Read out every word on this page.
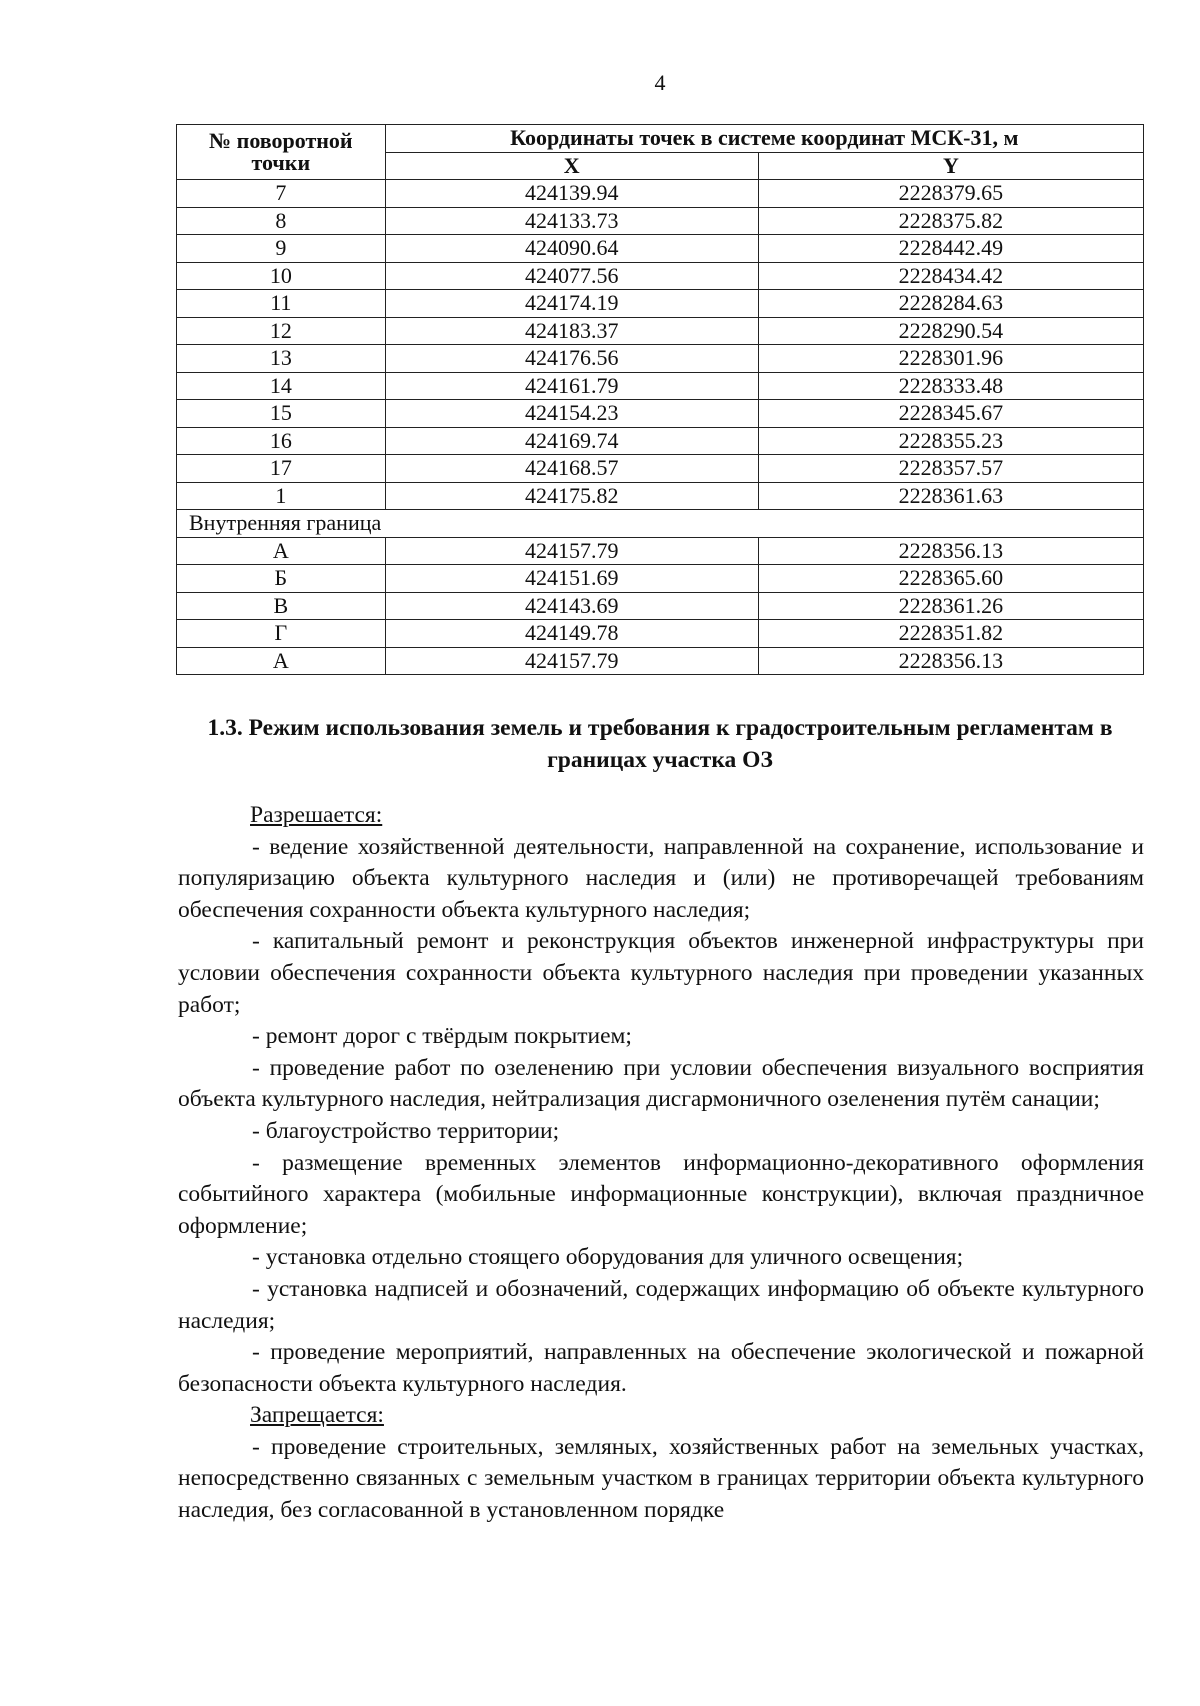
4
№ поворотной точки	Координаты точек в системе координат МСК-31, м	
	X	Y
7	424139.94	2228379.65
8	424133.73	2228375.82
9	424090.64	2228442.49
10	424077.56	2228434.42
11	424174.19	2228284.63
12	424183.37	2228290.54
13	424176.56	2228301.96
14	424161.79	2228333.48
15	424154.23	2228345.67
16	424169.74	2228355.23
17	424168.57	2228357.57
1	424175.82	2228361.63
Внутренняя граница		
А	424157.79	2228356.13
Б	424151.69	2228365.60
В	424143.69	2228361.26
Г	424149.78	2228351.82
А	424157.79	2228356.13
1.3. Режим использования земель и требования к градостроительным регламентам в границах участка ОЗ

Разрешается:

- ведение хозяйственной деятельности, направленной на сохранение, использование и популяризацию объекта культурного наследия и (или) не противоречащей требованиям обеспечения сохранности объекта культурного наследия;

- капитальный ремонт и реконструкция объектов инженерной инфраструктуры при условии обеспечения сохранности объекта культурного наследия при проведении указанных работ;

- ремонт дорог с твёрдым покрытием;

- проведение работ по озеленению при условии обеспечения визуального восприятия объекта культурного наследия, нейтрализация дисгармоничного озеленения путём санации;

- благоустройство территории;

- размещение временных элементов информационно-декоративного оформления событийного характера (мобильные информационные конструкции), включая праздничное оформление;

- установка отдельно стоящего оборудования для уличного освещения;

- установка надписей и обозначений, содержащих информацию об объекте культурного наследия;

- проведение мероприятий, направленных на обеспечение экологической и пожарной безопасности объекта культурного наследия.

Запрещается:

- проведение строительных, земляных, хозяйственных работ на земельных участках, непосредственно связанных с земельным участком в границах территории объекта культурного наследия, без согласованной в установленном порядке
